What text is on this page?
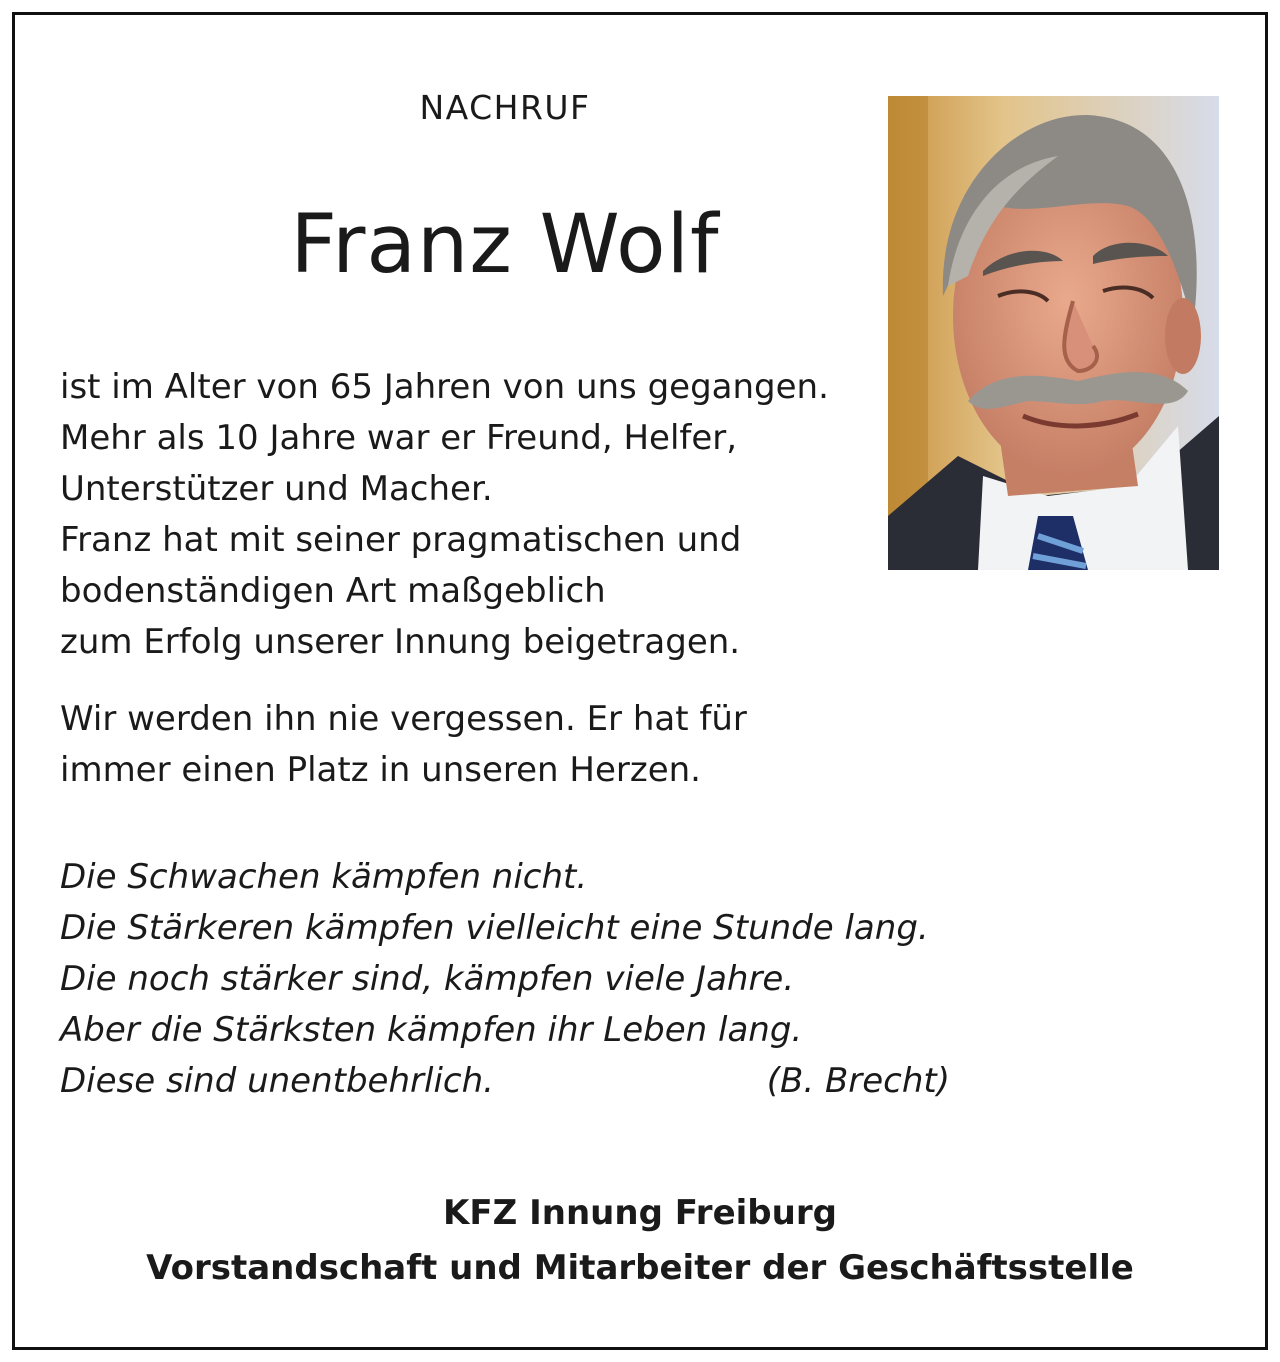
NACHRUF
Franz Wolf
ist im Alter von 65 Jahren von uns gegangen.
Mehr als 10 Jahre war er Freund, Helfer,
Unterstützer und Macher.
Franz hat mit seiner pragmatischen und
bodenständigen Art maßgeblich
zum Erfolg unserer Innung beigetragen.
Wir werden ihn nie vergessen. Er hat für
immer einen Platz in unseren Herzen.
Die Schwachen kämpfen nicht.
Die Stärkeren kämpfen vielleicht eine Stunde lang.
Die noch stärker sind, kämpfen viele Jahre.
Aber die Stärksten kämpfen ihr Leben lang.
Diese sind unentbehrlich.	(B. Brecht)

KFZ Innung Freiburg

Vorstandschaft und Mitarbeiter der Geschäftsstelle
